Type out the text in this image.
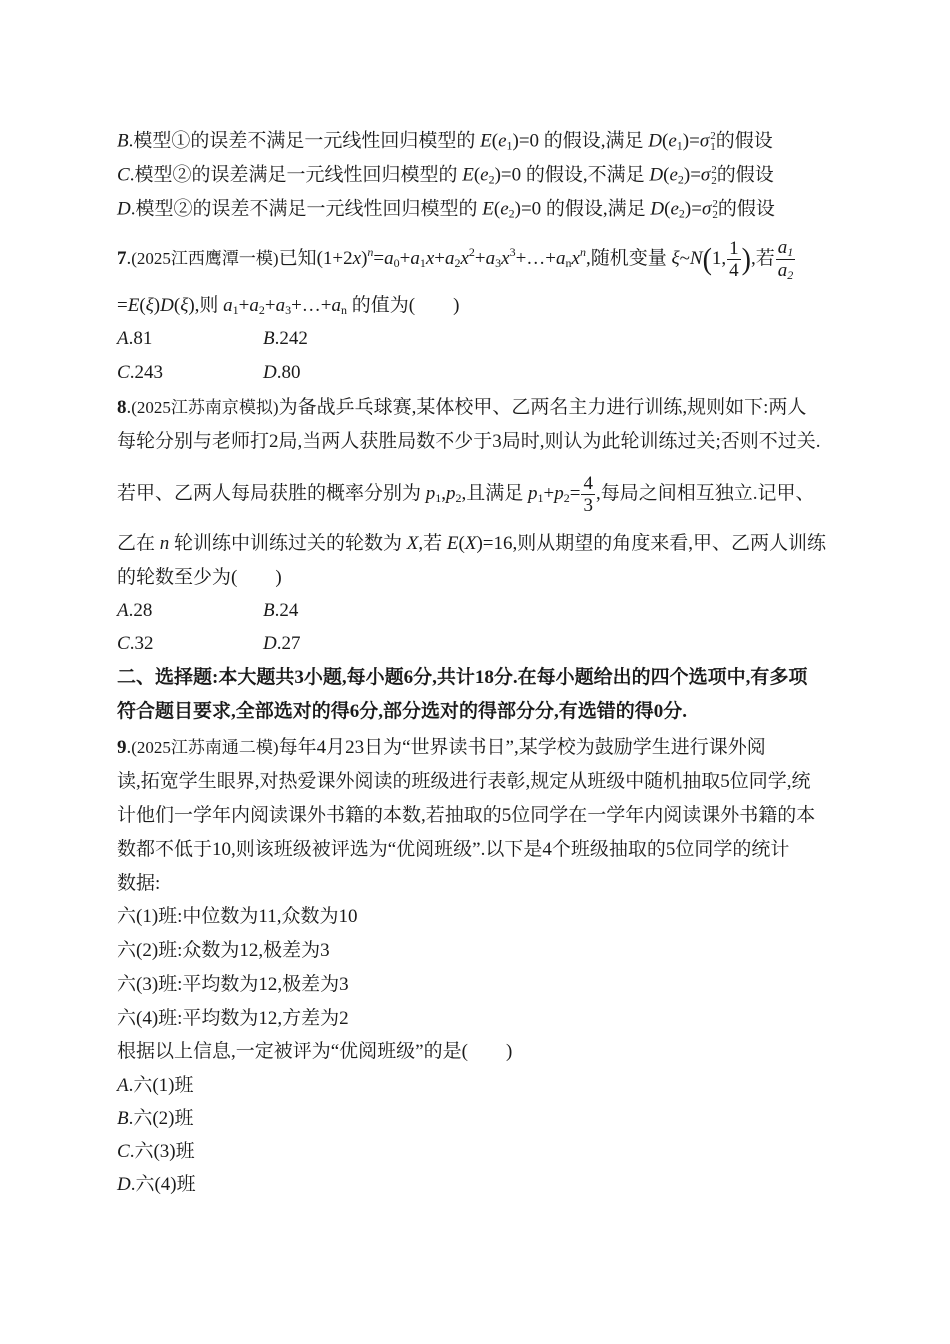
B.模型①的误差不满足一元线性回归模型的 $E(e_1)=0$ 的假设,满足 $D(e_1)=\sigma$ 2
1 的假设
C.模型②的误差满足一元线性回归模型的 $E(e_2)=0$ 的假设,不满足 $D(e_2)=\sigma$ 2
2 的假设
D.模型②的误差不满足一元线性回归模型的 $E(e_2)=0$ 的假设,满足 $D(e_2)=\sigma$ 2
2 的假设
7.(2025江西鹰潭一模)已知$(1+2x)^n=a_0+a_1x+a_2x^2+a_3x^3+\dots+a_nx^n$,随机变量 ξ~N(1, $\frac{1}{4}$ ),若 $\frac{a_1}{a_2}$
=E(ξ)D(ξ),则 $a_1+a_2+a_3+\dots+a_n$ 的值为(　　)
A.81	B.242
C.243	D.80
8.(2025江苏南京模拟)为备战乒乓球赛,某体校甲、乙两名主力进行训练,规则如下:两人
每轮分别与老师打2局,当两人获胜局数不少于3局时,则认为此轮训练过关;否则不过关.
若甲、乙两人每局获胜的概率分别为 $p_1,p_2$,且满足 $p_1+p_2= \frac{4}{3}$ ,每局之间相互独立.记甲、
乙在 n 轮训练中训练过关的轮数为 X,若 E(X)=16,则从期望的角度来看,甲、乙两人训练
的轮数至少为(　　)
A.28	B.24
C.32	D.27
二、选择题:本大题共3小题,每小题6分,共计18分.在每小题给出的四个选项中,有多项
符合题目要求,全部选对的得6分,部分选对的得部分分,有选错的得0分.
9.(2025江苏南通二模)每年4月23日为“世界读书日”,某学校为鼓励学生进行课外阅
读,拓宽学生眼界,对热爱课外阅读的班级进行表彰,规定从班级中随机抽取5位同学,统
计他们一学年内阅读课外书籍的本数,若抽取的5位同学在一学年内阅读课外书籍的本
数都不低于10,则该班级被评选为“优阅班级”.以下是4个班级抽取的5位同学的统计
数据:
六(1)班:中位数为11,众数为10
六(2)班:众数为12,极差为3
六(3)班:平均数为12,极差为3
六(4)班:平均数为12,方差为2
根据以上信息,一定被评为“优阅班级”的是(　　)
A.六(1)班
B.六(2)班
C.六(3)班
D.六(4)班
